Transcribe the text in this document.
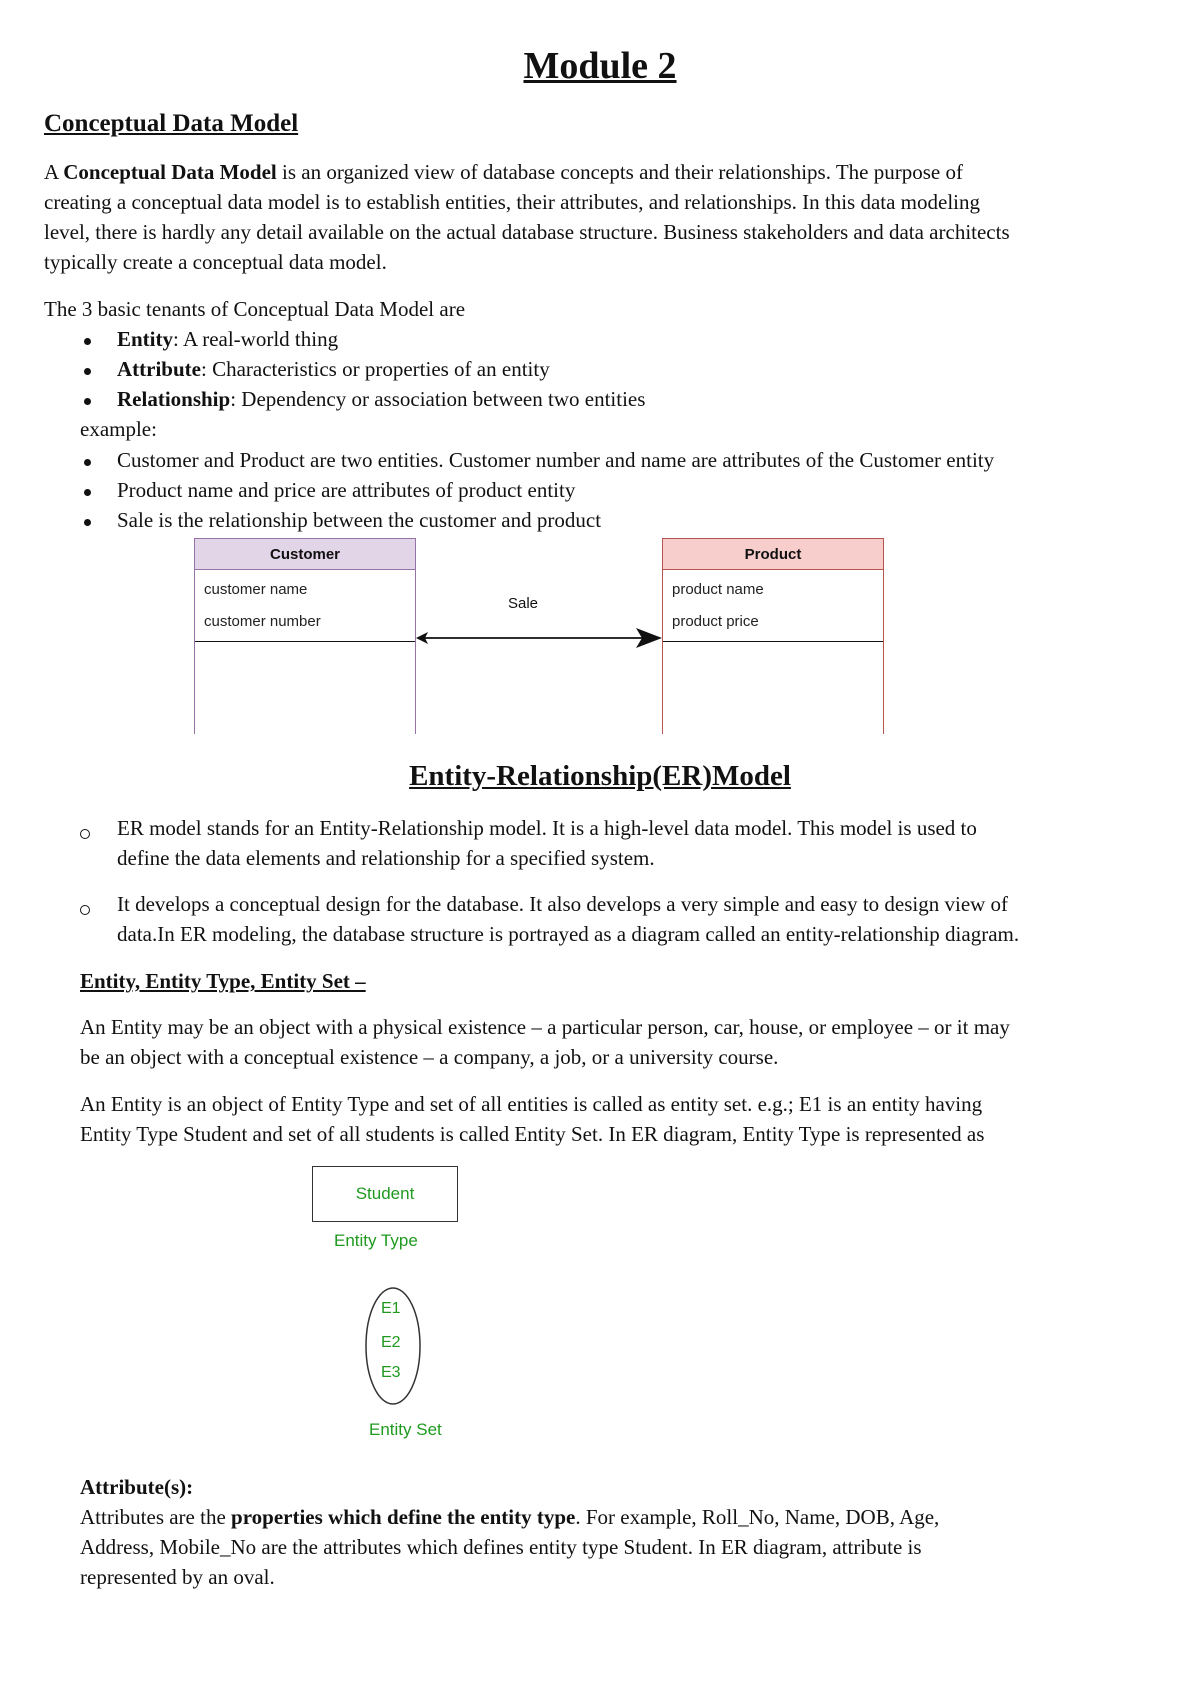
Module 2
Conceptual Data Model
A Conceptual Data Model is an organized view of database concepts and their relationships. The purpose of
creating a conceptual data model is to establish entities, their attributes, and relationships. In this data modeling
level, there is hardly any detail available on the actual database structure. Business stakeholders and data architects
typically create a conceptual data model.
The 3 basic tenants of Conceptual Data Model are
Entity: A real-world thing
Attribute: Characteristics or properties of an entity
Relationship: Dependency or association between two entities
example:
Customer and Product are two entities. Customer number and name are attributes of the Customer entity
Product name and price are attributes of product entity
Sale is the relationship between the customer and product
Customer
customer name
customer number
Product
product name
product price
Sale
Entity-Relationship(ER)Model
ER model stands for an Entity-Relationship model. It is a high-level data model. This model is used to
define the data elements and relationship for a specified system.
It develops a conceptual design for the database. It also develops a very simple and easy to design view of
data.In ER modeling, the database structure is portrayed as a diagram called an entity-relationship diagram.
Entity, Entity Type, Entity Set –
An Entity may be an object with a physical existence – a particular person, car, house, or employee – or it may
be an object with a conceptual existence – a company, a job, or a university course.
An Entity is an object of Entity Type and set of all entities is called as entity set. e.g.; E1 is an entity having
Entity Type Student and set of all students is called Entity Set. In ER diagram, Entity Type is represented as
Student
Entity Type
E1
E2
E3
Entity Set
Attribute(s):
Attributes are the properties which define the entity type. For example, Roll_No, Name, DOB, Age,
Address, Mobile_No are the attributes which defines entity type Student. In ER diagram, attribute is
represented by an oval.
